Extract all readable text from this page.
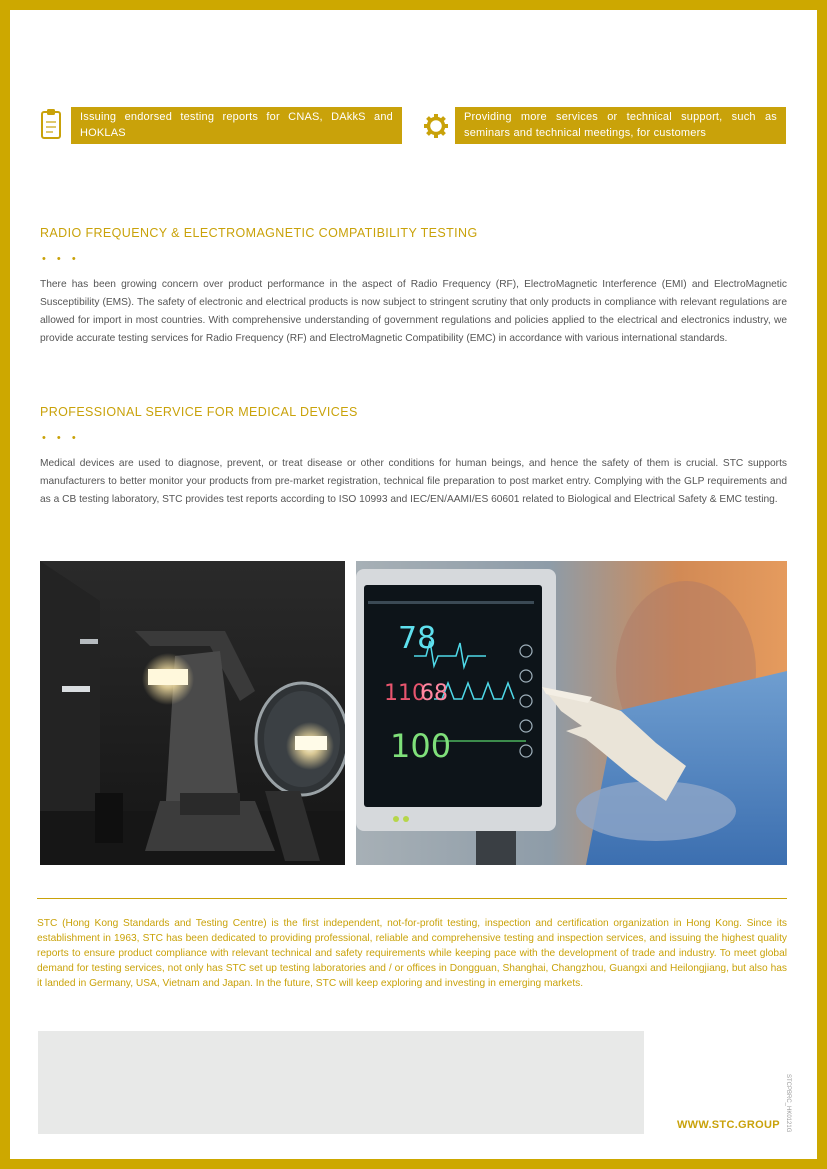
Issuing endorsed testing reports for CNAS, DAkkS and HOKLAS
Providing more services or technical support, such as seminars and technical meetings, for customers
RADIO FREQUENCY & ELECTROMAGNETIC COMPATIBILITY TESTING
• • •

There has been growing concern over product performance in the aspect of Radio Frequency (RF), ElectroMagnetic Interference (EMI) and ElectroMagnetic Susceptibility (EMS). The safety of electronic and electrical products is now subject to stringent scrutiny that only products in compliance with relevant regulations are allowed for import in most countries. With comprehensive understanding of government regulations and policies applied to the electrical and electronics industry, we provide accurate testing services for Radio Frequency (RF) and ElectroMagnetic Compatibility (EMC) in accordance with various international standards.

PROFESSIONAL SERVICE FOR MEDICAL DEVICES
• • •

Medical devices are used to diagnose, prevent, or treat disease or other conditions for human beings, and hence the safety of them is crucial. STC supports manufacturers to better monitor your products from pre-market registration, technical file preparation to post market entry. Complying with the GLP requirements and as a CB testing laboratory, STC provides test reports according to ISO 10993 and IEC/EN/AAMI/ES 60601 related to Biological and Electrical Safety & EMC testing.

78
110
68
100

STC (Hong Kong Standards and Testing Centre) is the first independent, not-for-profit testing, inspection and certification organization in Hong Kong. Since its establishment in 1963, STC has been dedicated to providing professional, reliable and comprehensive testing and inspection services, and issuing the highest quality reports to ensure product compliance with relevant technical and safety requirements while keeping pace with the development of trade and industry. To meet global demand for testing services, not only has STC set up testing laboratories and / or offices in Dongguan, Shanghai, Changzhou, Guangxi and Heilongjiang, but also has it landed in Germany, USA, Vietnam and Japan. In the future, STC will keep exploring and investing in emerging markets.

WWW.STC.GROUP STCPBRC_HK0121G
